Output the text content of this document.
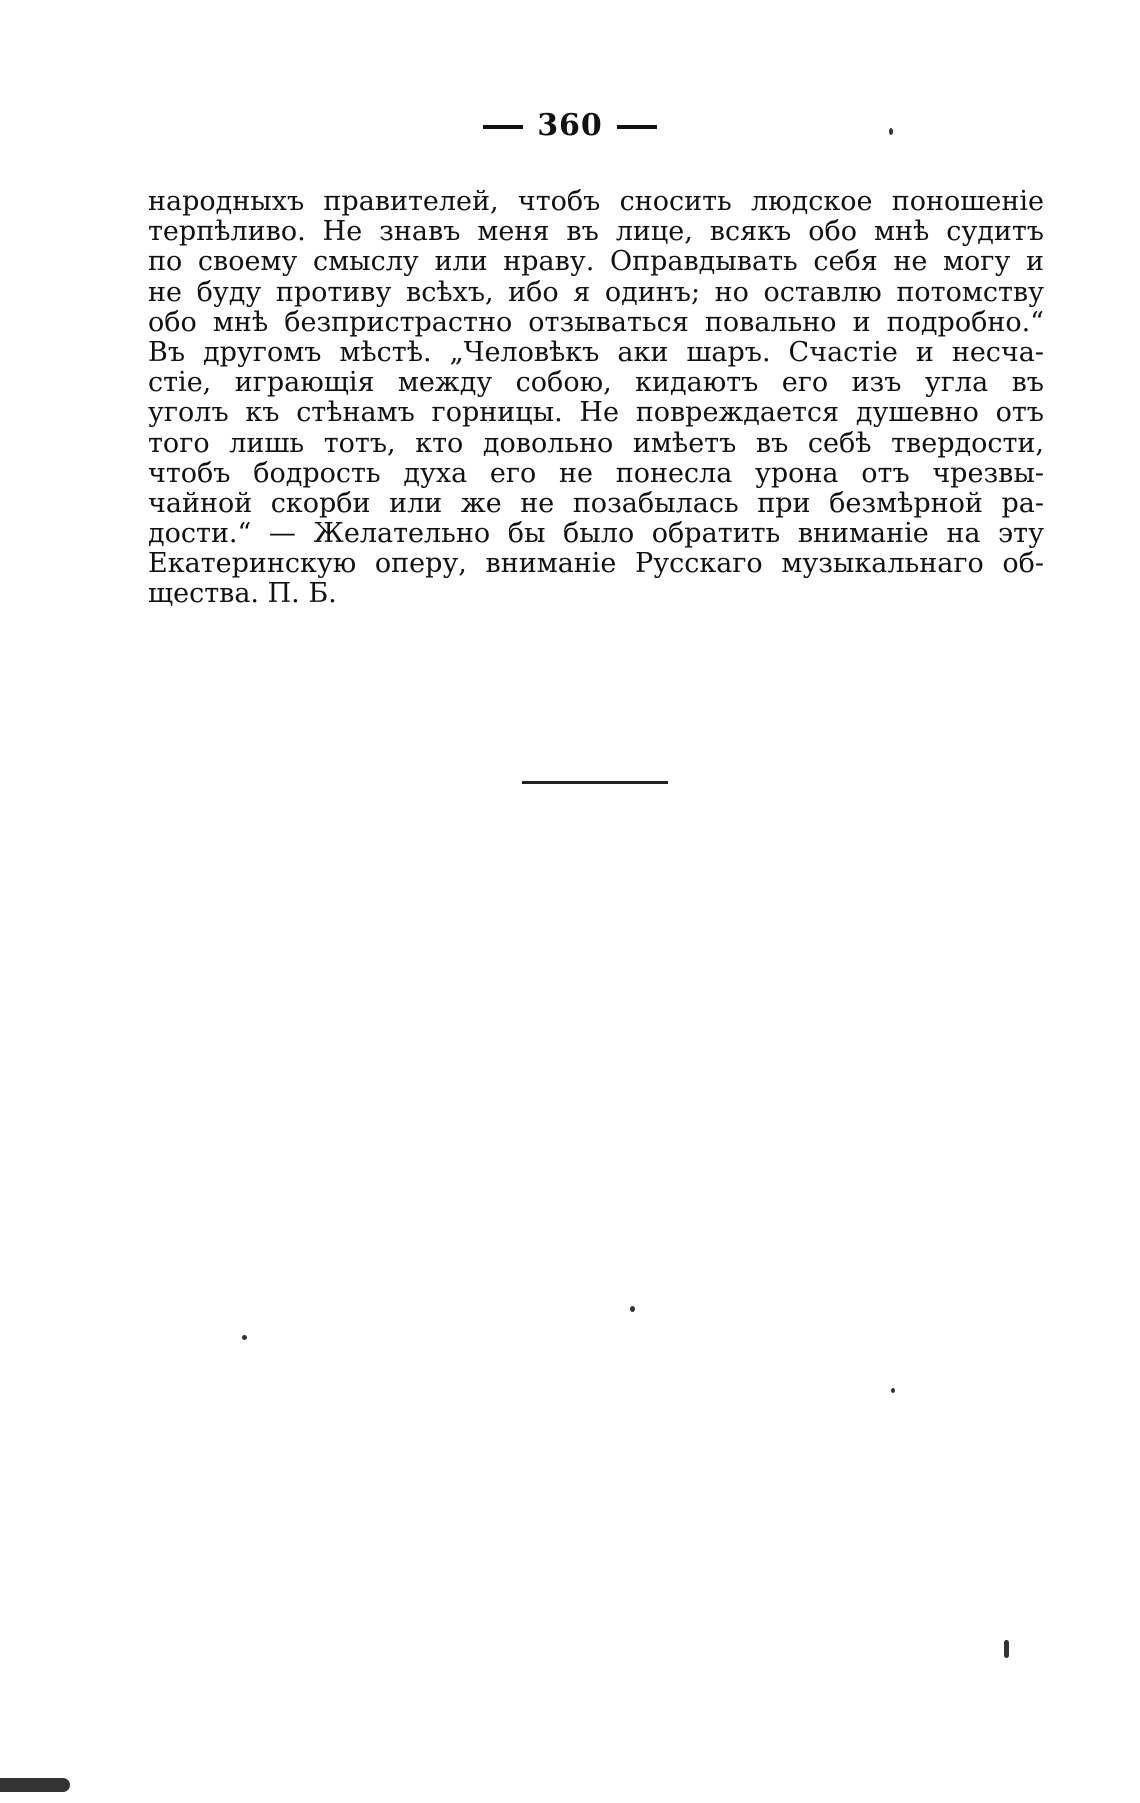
360
народныхъ правителей, чтобъ сносить людское поношеніе
терпѣливо. Не знавъ меня въ лице, всякъ обо мнѣ судитъ
по своему смыслу или нраву. Оправдывать себя не могу и
не буду противу всѣхъ, ибо я одинъ; но оставлю потомству
обо мнѣ безпристрастно отзываться повально и подробно.“
Въ другомъ мѣстѣ. „Человѣкъ аки шаръ. Счастіе и несча-
стіе, играющія между собою, кидаютъ его изъ угла въ
уголъ къ стѣнамъ горницы. Не повреждается душевно отъ
того лишь тотъ, кто довольно имѣетъ въ себѣ твердости,
чтобъ бодрость духа его не понесла урона отъ чрезвы-
чайной скорби или же не позабылась при безмѣрной ра-
дости.“ — Желательно бы было обратить вниманіе на эту
Екатеринскую оперу, вниманіе Русскаго музыкальнаго об-
щества. П. Б.
